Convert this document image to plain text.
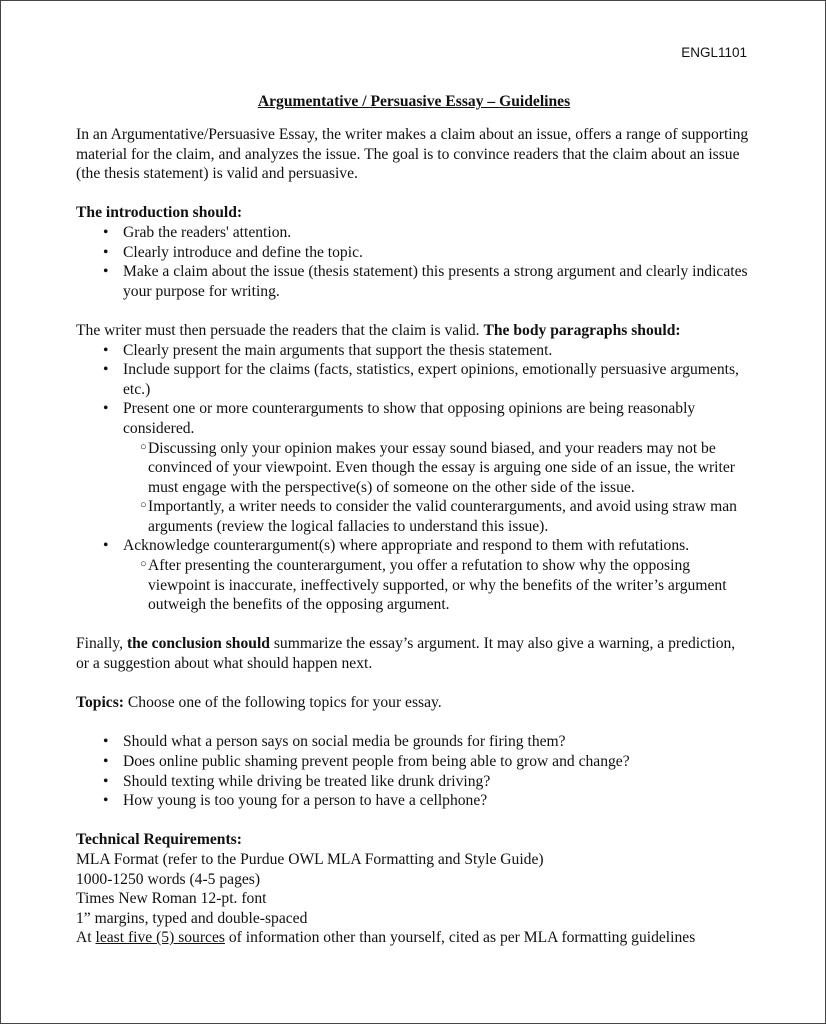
ENGL1101
Argumentative / Persuasive Essay – Guidelines

In an Argumentative/Persuasive Essay, the writer makes a claim about an issue, offers a range of supporting material for the claim, and analyzes the issue. The goal is to convince readers that the claim about an issue (the thesis statement) is valid and persuasive.

The introduction should:

• Grab the readers' attention.
• Clearly introduce and define the topic.
• Make a claim about the issue (thesis statement) this presents a strong argument and clearly indicates your purpose for writing.

The writer must then persuade the readers that the claim is valid. The body paragraphs should:

• Clearly present the main arguments that support the thesis statement.
• Include support for the claims (facts, statistics, expert opinions, emotionally persuasive arguments, etc.)
• Present one or more counterarguments to show that opposing opinions are being reasonably considered.
○ Discussing only your opinion makes your essay sound biased, and your readers may not be convinced of your viewpoint. Even though the essay is arguing one side of an issue, the writer must engage with the perspective(s) of someone on the other side of the issue.
○ Importantly, a writer needs to consider the valid counterarguments, and avoid using straw man arguments (review the logical fallacies to understand this issue).
• Acknowledge counterargument(s) where appropriate and respond to them with refutations.
○ After presenting the counterargument, you offer a refutation to show why the opposing viewpoint is inaccurate, ineffectively supported, or why the benefits of the writer’s argument outweigh the benefits of the opposing argument.

Finally, the conclusion should summarize the essay’s argument. It may also give a warning, a prediction, or a suggestion about what should happen next.

Topics: Choose one of the following topics for your essay.

• Should what a person says on social media be grounds for firing them?
• Does online public shaming prevent people from being able to grow and change?
• Should texting while driving be treated like drunk driving?
• How young is too young for a person to have a cellphone?

Technical Requirements:

MLA Format (refer to the Purdue OWL MLA Formatting and Style Guide)

1000-1250 words (4-5 pages)

Times New Roman 12-pt. font

1” margins, typed and double-spaced

At least five (5) sources of information other than yourself, cited as per MLA formatting guidelines
